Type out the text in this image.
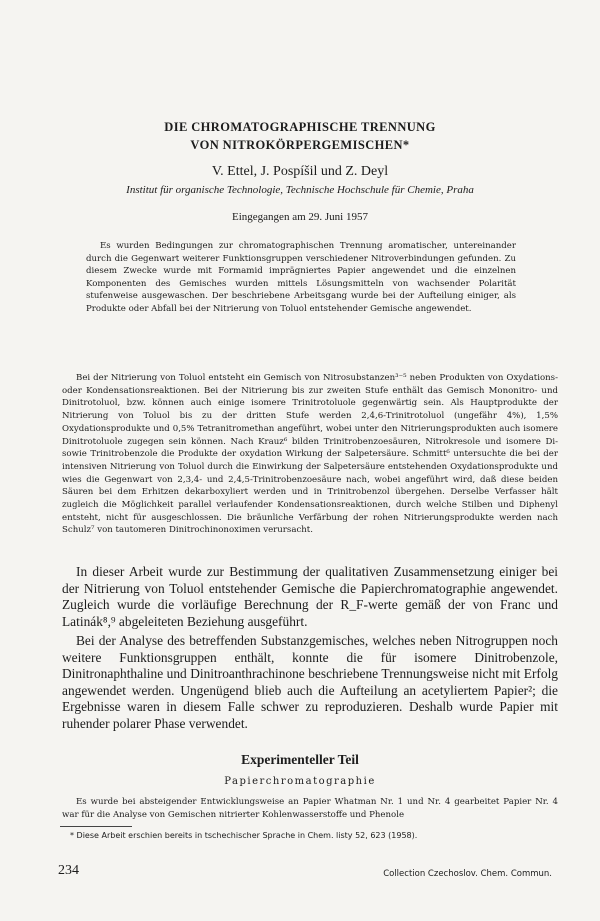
DIE CHROMATOGRAPHISCHE TRENNUNG
VON NITROKÖRPERGEMISCHEN*
V. Ettel, J. Pospíšil und Z. Deyl
Institut für organische Technologie, Technische Hochschule für Chemie, Praha
Eingegangen am 29. Juni 1957

Es wurden Bedingungen zur chromatographischen Trennung aromatischer, untereinander durch die Gegenwart weiterer Funktionsgruppen verschiedener Nitroverbindungen gefunden. Zu diesem Zwecke wurde mit Formamid imprägniertes Papier angewendet und die einzelnen Komponenten des Gemisches wurden mittels Lösungsmitteln von wachsender Polarität stufenweise ausgewaschen. Der beschriebene Arbeitsgang wurde bei der Aufteilung einiger, als Produkte oder Abfall bei der Nitrierung von Toluol entstehender Gemische angewendet.

Bei der Nitrierung von Toluol entsteht ein Gemisch von Nitrosubstanzen³⁻⁵ neben Produkten von Oxydations- oder Kondensationsreaktionen. Bei der Nitrierung bis zur zweiten Stufe enthält das Gemisch Mononitro- und Dinitrotoluol, bzw. können auch einige isomere Trinitrotoluole gegenwärtig sein. Als Hauptprodukte der Nitrierung von Toluol bis zu der dritten Stufe werden 2,4,6-Trinitrotoluol (ungefähr 4%), 1,5% Oxydationsprodukte und 0,5% Tetranitromethan angeführt, wobei unter den Nitrierungsprodukten auch isomere Dinitrotoluole zugegen sein können. Nach Krauz⁶ bilden Trinitrobenzoesäuren, Nitrokresole und isomere Di- sowie Trinitrobenzole die Produkte der oxydation Wirkung der Salpetersäure. Schmitt⁶ untersuchte die bei der intensiven Nitrierung von Toluol durch die Einwirkung der Salpetersäure entstehenden Oxydationsprodukte und wies die Gegenwart von 2,3,4- und 2,4,5-Trinitrobenzoesäure nach, wobei angeführt wird, daß diese beiden Säuren bei dem Erhitzen dekarboxyliert werden und in Trinitrobenzol übergehen. Derselbe Verfasser hält zugleich die Möglichkeit parallel verlaufender Kondensationsreaktionen, durch welche Stilben und Diphenyl entsteht, nicht für ausgeschlossen. Die bräunliche Verfärbung der rohen Nitrierungsprodukte werden nach Schulz⁷ von tautomeren Dinitrochinonoximen verursacht.

In dieser Arbeit wurde zur Bestimmung der qualitativen Zusammensetzung einiger bei der Nitrierung von Toluol entstehender Gemische die Papierchromatographie angewendet. Zugleich wurde die vorläufige Berechnung der R_F-werte gemäß der von Franc und Latinák⁸,⁹ abgeleiteten Beziehung ausgeführt.

Bei der Analyse des betreffenden Substanzgemisches, welches neben Nitrogruppen noch weitere Funktionsgruppen enthält, konnte die für isomere Dinitrobenzole, Dinitronaphthaline und Dinitroanthrachinone beschriebene Trennungsweise nicht mit Erfolg angewendet werden. Ungenügend blieb auch die Aufteilung an acetyliertem Papier²; die Ergebnisse waren in diesem Falle schwer zu reproduzieren. Deshalb wurde Papier mit ruhender polarer Phase verwendet.

Experimenteller Teil
Papierchromatographie

Es wurde bei absteigender Entwicklungsweise an Papier Whatman Nr. 1 und Nr. 4 gearbeitet Papier Nr. 4 war für die Analyse von Gemischen nitrierter Kohlenwasserstoffe und Phenole

* Diese Arbeit erschien bereits in tschechischer Sprache in Chem. listy 52, 623 (1958).

234	Collection Czechoslov. Chem. Commun.
